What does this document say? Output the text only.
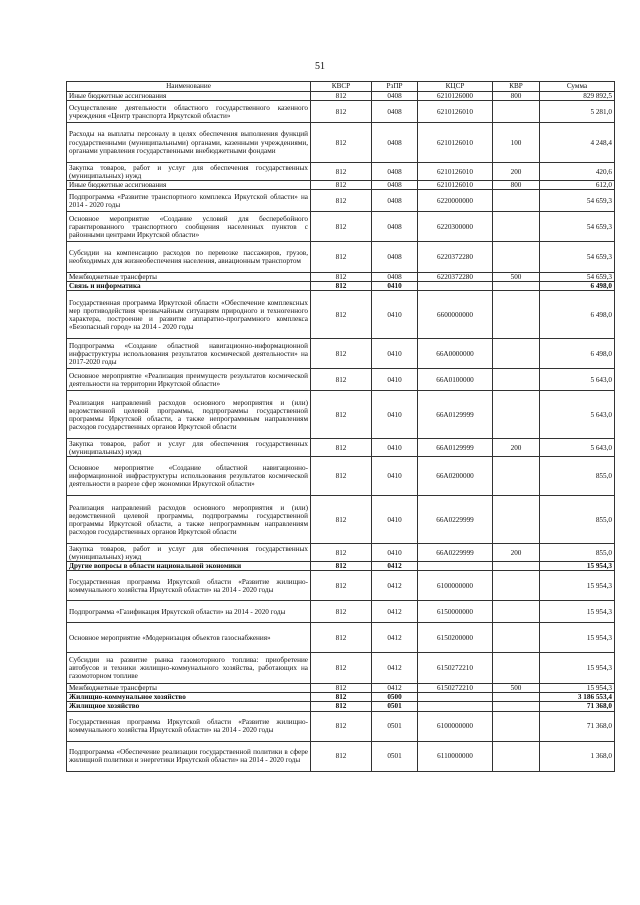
51
Наименование	КВСР	РзПР	КЦСР	КВР	Сумма
Иные бюджетные ассигнования	812	0408	6210126000	800	829 892,5
Осуществление деятельности областного государственного казенного учреждения «Центр транспорта Иркутской области»	812	0408	6210126010		5 281,0
Расходы на выплаты персоналу в целях обеспечения выполнения функций государственными (муниципальными) органами, казенными учреждениями, органами управления государственными внебюджетными фондами	812	0408	6210126010	100	4 248,4
Закупка товаров, работ и услуг для обеспечения государственных (муниципальных) нужд	812	0408	6210126010	200	420,6
Иные бюджетные ассигнования	812	0408	6210126010	800	612,0
Подпрограмма «Развитие транспортного комплекса Иркутской области» на 2014 - 2020 годы	812	0408	6220000000		54 659,3
Основное мероприятие «Создание условий для бесперебойного гарантированного транспортного сообщения населенных пунктов с районными центрами Иркутской области»	812	0408	6220300000		54 659,3
Субсидии на компенсацию расходов по перевозке пассажиров, грузов, необходимых для жизнеобеспечения населения, авиационным транспортом	812	0408	6220372280		54 659,3
Межбюджетные трансферты	812	0408	6220372280	500	54 659,3
Связь и информатика	812	0410			6 498,0
Государственная программа Иркутской области «Обеспечение комплексных мер противодействия чрезвычайным ситуациям природного и техногенного характера, построение и развитие аппаратно-программного комплекса «Безопасный город» на 2014 - 2020 годы	812	0410	6600000000		6 498,0
Подпрограмма «Создание областной навигационно-информационной инфраструктуры использования результатов космической деятельности» на 2017-2020 годы	812	0410	66А0000000		6 498,0
Основное мероприятие «Реализация преимуществ результатов космической деятельности на территории Иркутской области»	812	0410	66А0100000		5 643,0
Реализация направлений расходов основного мероприятия и (или) ведомственной целевой программы, подпрограммы государственной программы Иркутской области, а также непрограммным направлениям расходов государственных органов Иркутской области	812	0410	66А0129999		5 643,0
Закупка товаров, работ и услуг для обеспечения государственных (муниципальных) нужд	812	0410	66А0129999	200	5 643,0
Основное мероприятие «Создание областной навигационно-информационной инфраструктуры использования результатов космической деятельности в разрезе сфер экономики Иркутской области»	812	0410	66А0200000		855,0
Реализация направлений расходов основного мероприятия и (или) ведомственной целевой программы, подпрограммы государственной программы Иркутской области, а также непрограммным направлениям расходов государственных органов Иркутской области	812	0410	66А0229999		855,0
Закупка товаров, работ и услуг для обеспечения государственных (муниципальных) нужд	812	0410	66А0229999	200	855,0
Другие вопросы в области национальной экономики	812	0412			15 954,3
Государственная программа Иркутской области «Развитие жилищно-коммунального хозяйства Иркутской области» на 2014 - 2020 годы	812	0412	6100000000		15 954,3
Подпрограмма «Газификация Иркутской области» на 2014 - 2020 годы	812	0412	6150000000		15 954,3
Основное мероприятие «Модернизация объектов газоснабжения»	812	0412	6150200000		15 954,3
Субсидии на развитие рынка газомоторного топлива: приобретение автобусов и техники жилищно-коммунального хозяйства, работающих на газомоторном топливе	812	0412	6150272210		15 954,3
Межбюджетные трансферты	812	0412	6150272210	500	15 954,3
Жилищно-коммунальное хозяйство	812	0500			3 186 553,4
Жилищное хозяйство	812	0501			71 368,0
Государственная программа Иркутской области «Развитие жилищно-коммунального хозяйства Иркутской области» на 2014 - 2020 годы	812	0501	6100000000		71 368,0
Подпрограмма «Обеспечение реализации государственной политики в сфере жилищной политики и энергетики Иркутской области» на 2014 - 2020 годы	812	0501	6110000000		1 368,0
